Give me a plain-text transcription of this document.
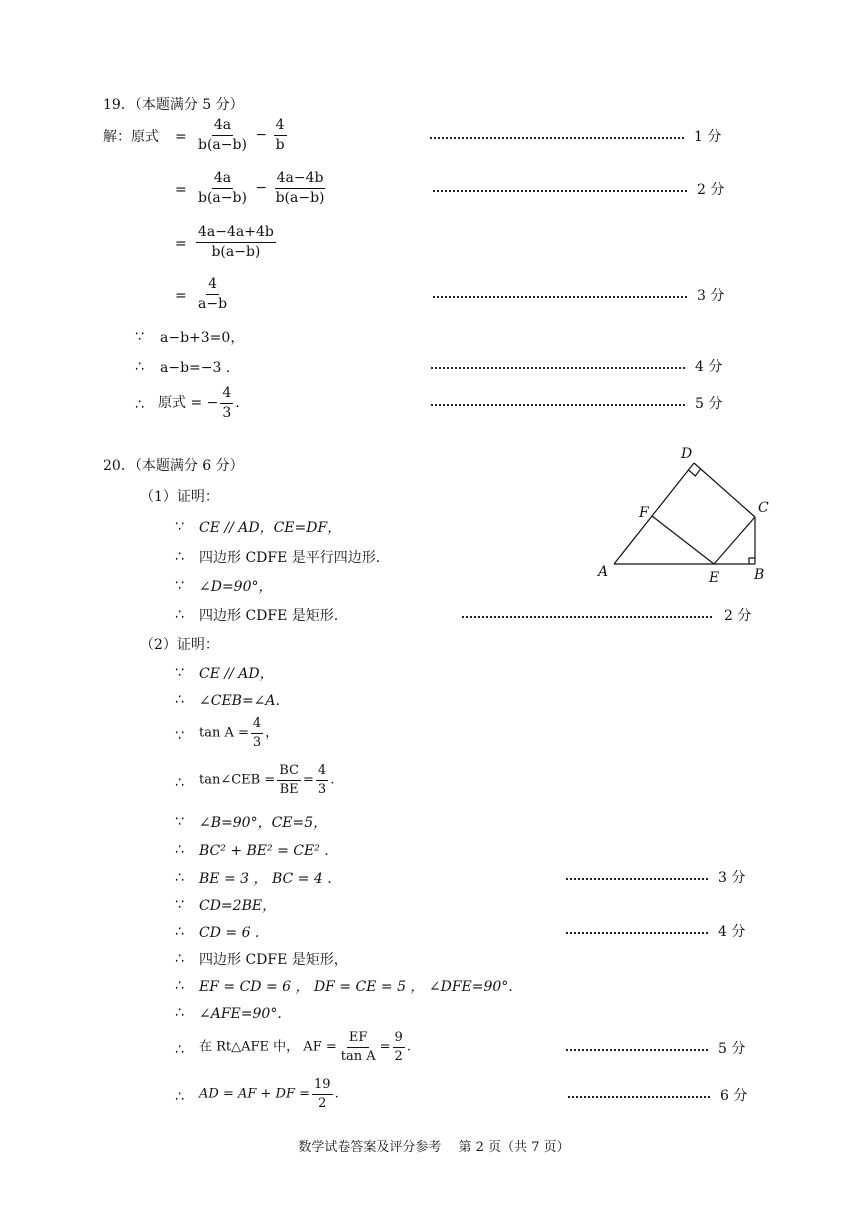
19．（本题满分 5 分）
解：原式 = $\frac{4a}{b(a-b)} - \frac{4}{b}$	1 分
= $\frac{4a}{b(a-b)} - \frac{4a-4b}{b(a-b)}$	2 分
= $\frac{4a-4a+4b}{b(a-b)}$
= $\frac{4}{a-b}$	3 分
∵ a−b+3=0，
∴ a−b=−3 .	4 分
∴ 原式 = − $\frac{4}{3}$ .	5 分
20．（本题满分 6 分）
（1）证明：
∵ CE // AD，CE=DF，
∴ 四边形 CDFE 是平行四边形.
∵ ∠D=90°，
∴ 四边形 CDFE 是矩形.	2 分
（2）证明：
∵ CE // AD，
∴ ∠CEB=∠A.
∵ $\tan A = \frac{4}{3}$ ，
∴ tan∠CEB = $\frac{BC}{BE} = \frac{4}{3}$ .
∵ ∠B=90°，CE=5，
∴ BC² + BE² = CE² .
∴ BE = 3 ， BC = 4 .	3 分
∵ CD=2BE，
∴ CD = 6 .	4 分
∴ 四边形 CDFE 是矩形，
∴ EF = CD = 6 ， DF = CE = 5 ， ∠DFE=90°.
∴ ∠AFE=90°.
∴ 在 Rt△AFE 中， AF = $\frac{EF}{\text{tan A}} = \frac{9}{2}$ .	5 分
∴ AD = AF + DF = $\frac{19}{2}$ .	6 分
D
C
F
A	E B
数学试卷答案及评分参考　 第 2 页（共 7 页）
